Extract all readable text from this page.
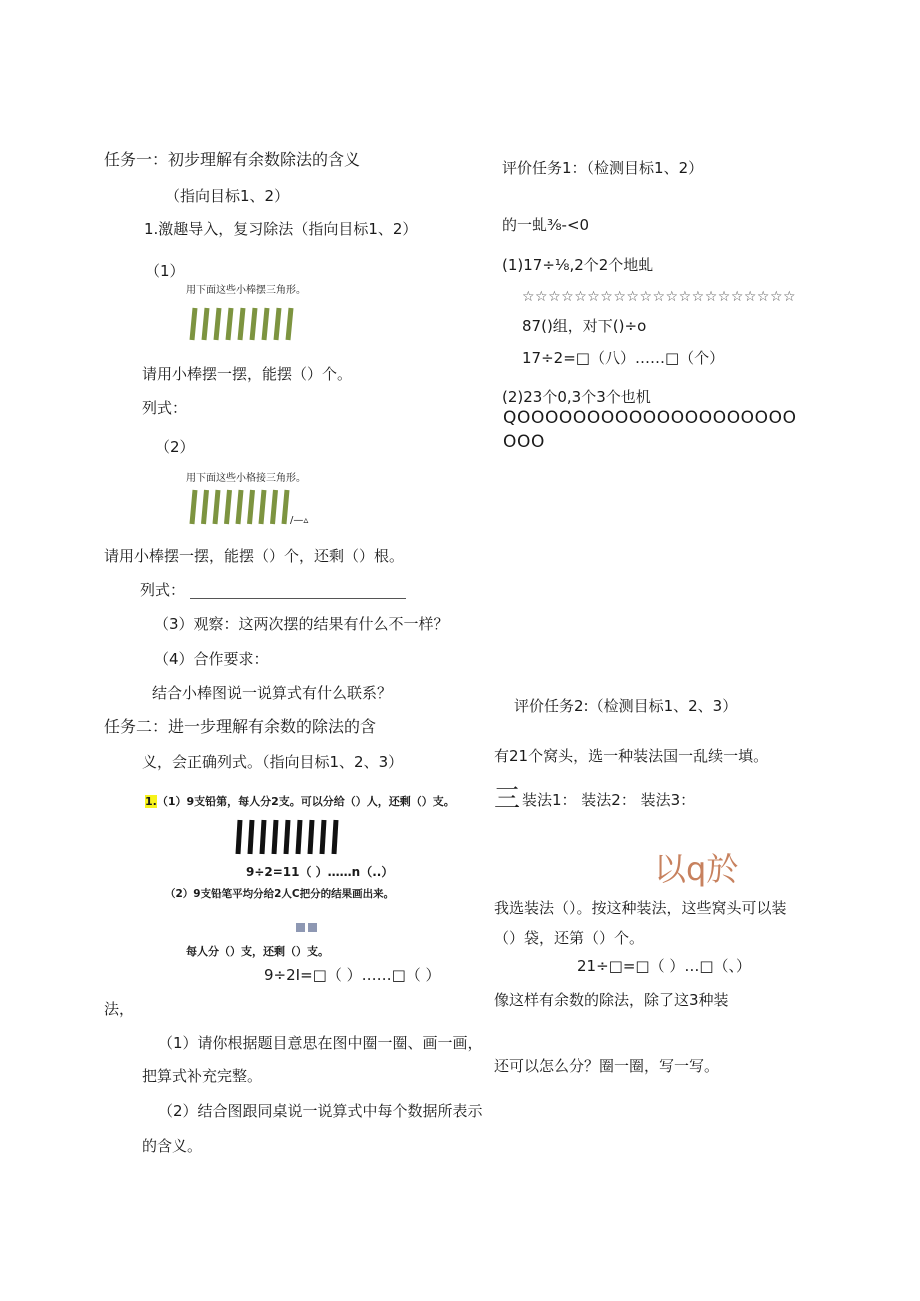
任务一：初步理解有余数除法的含义
（指向目标1、2）
1.激趣导入，复习除法（指向目标1、2）
（1）
用下面这些小棒摆三角形。
请用小棒摆一摆，能摆（）个。
列式：
（2）
用下面这些小格接三角形。
/—▵
请用小棒摆一摆，能摆（）个，还剩（）根。
列式：
（3）观察：这两次摆的结果有什么不一样？
（4）合作要求：
结合小棒图说一说算式有什么联系？
任务二：进一步理解有余数的除法的含
义，会正确列式。（指向目标1、2、3）
1.（1）9支铅第，每人分2支。可以分给（）人，还剩（）支。
9÷2=11（ ）……n（..）
（2）9支铅笔平均分给2人C把分的结果画出来。
每人分（）支，还剩（）支。
9÷2I=□（ ）……□（ ）
法，
（1）请你根据题目意思在图中圈一圈、画一画，
把算式补充完整。
（2）结合图跟同桌说一说算式中每个数据所表示
的含义。
评价任务1：（检测目标1、2）
的一虬⅜-<0
(1)17÷⅛,2个2个地虬
☆☆☆☆☆☆☆☆☆☆☆☆☆☆☆☆☆☆☆☆☆
87()组，对下()÷o
17÷2=□（八）……□（个）
(2)23个0,3个3个也机
QOOOOOOOOOOOOOOOOOOOO
OOO
评价任务2:（检测目标1、2、3）
有21个窝头，选一种装法国一乱续一填。
三 装法1： 装法2： 装法3：
以q於
我选装法（）。按这种装法，这些窝头可以装
（）袋，还第（）个。
21÷□=□（ ）…□（、）
像这样有余数的除法，除了这3种装
还可以怎么分？圈一圈，写一写。
